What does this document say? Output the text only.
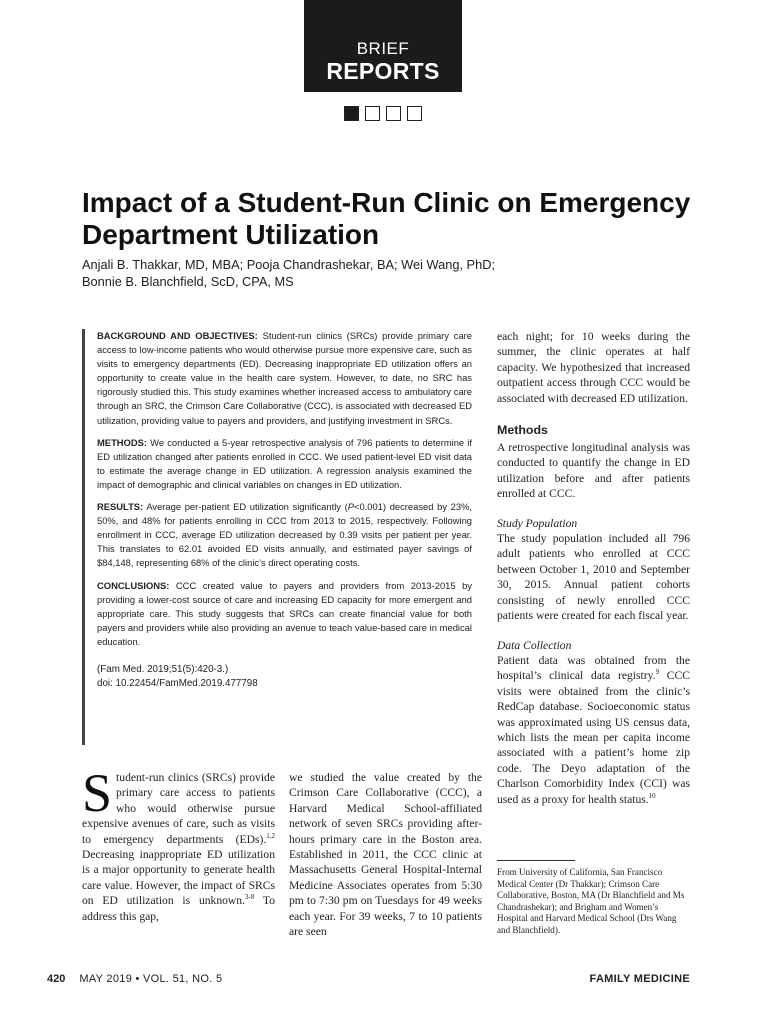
BRIEF
REPORTS
Impact of a Student-Run Clinic on Emergency Department Utilization
Anjali B. Thakkar, MD, MBA; Pooja Chandrashekar, BA; Wei Wang, PhD;
Bonnie B. Blanchfield, ScD, CPA, MS

BACKGROUND AND OBJECTIVES: Student-run clinics (SRCs) provide primary care access to low-income patients who would otherwise pursue more expensive care, such as visits to emergency departments (ED). Decreasing inappropriate ED utilization offers an opportunity to create value in the health care system. However, to date, no SRC has rigorously studied this. This study examines whether increased access to ambulatory care through an SRC, the Crimson Care Collaborative (CCC), is associated with decreased ED utilization, providing value to payers and providers, and justifying investment in SRCs.

METHODS: We conducted a 5-year retrospective analysis of 796 patients to determine if ED utilization changed after patients enrolled in CCC. We used patient-level ED visit data to estimate the average change in ED utilization. A regression analysis examined the impact of demographic and clinical variables on changes in ED utilization.

RESULTS: Average per-patient ED utilization significantly (P<0.001) decreased by 23%, 50%, and 48% for patients enrolling in CCC from 2013 to 2015, respectively. Following enrollment in CCC, average ED utilization decreased by 0.39 visits per patient per year. This translates to 62.01 avoided ED visits annually, and estimated payer savings of $84,148, representing 68% of the clinic’s direct operating costs.

CONCLUSIONS: CCC created value to payers and providers from 2013-2015 by providing a lower-cost source of care and increasing ED capacity for more emergent and appropriate care. This study suggests that SRCs can create financial value for both payers and providers while also providing an avenue to teach value-based care in medical education.

(Fam Med. 2019;51(5):420-3.)
doi: 10.22454/FamMed.2019.477798

Student-run clinics (SRCs) provide primary care access to patients who would otherwise pursue expensive avenues of care, such as visits to emergency departments (EDs).$^{1,2}$ Decreasing inappropriate ED utilization is a major opportunity to generate health care value. However, the impact of SRCs on ED utilization is unknown.$^{3-8}$ To address this gap,

we studied the value created by the Crimson Care Collaborative (CCC), a Harvard Medical School-affiliated network of seven SRCs providing after-hours primary care in the Boston area. Established in 2011, the CCC clinic at Massachusetts General Hospital-Internal Medicine Associates operates from 5:30 pm to 7:30 pm on Tuesdays for 49 weeks each year. For 39 weeks, 7 to 10 patients are seen

each night; for 10 weeks during the summer, the clinic operates at half capacity. We hypothesized that increased outpatient access through CCC would be associated with decreased ED utilization.

Methods

A retrospective longitudinal analysis was conducted to quantify the change in ED utilization before and after patients enrolled at CCC.

Study Population

The study population included all 796 adult patients who enrolled at CCC between October 1, 2010 and September 30, 2015. Annual patient cohorts consisting of newly enrolled CCC patients were created for each fiscal year.

Data Collection

Patient data was obtained from the hospital’s clinical data registry.$^9$ CCC visits were obtained from the clinic’s RedCap database. Socioeconomic status was approximated using US census data, which lists the mean per capita income associated with a patient’s home zip code. The Deyo adaptation of the Charlson Comorbidity Index (CCI) was used as a proxy for health status.$^{10}$

From University of California, San Francisco Medical Center (Dr Thakkar); Crimson Care Collaborative, Boston, MA (Dr Blanchfield and Ms Chandrashekar); and Brigham and Women’s Hospital and Harvard Medical School (Drs Wang and Blanchfield).
420 MAY 2019 • VOL. 51, NO. 5	FAMILY MEDICINE
